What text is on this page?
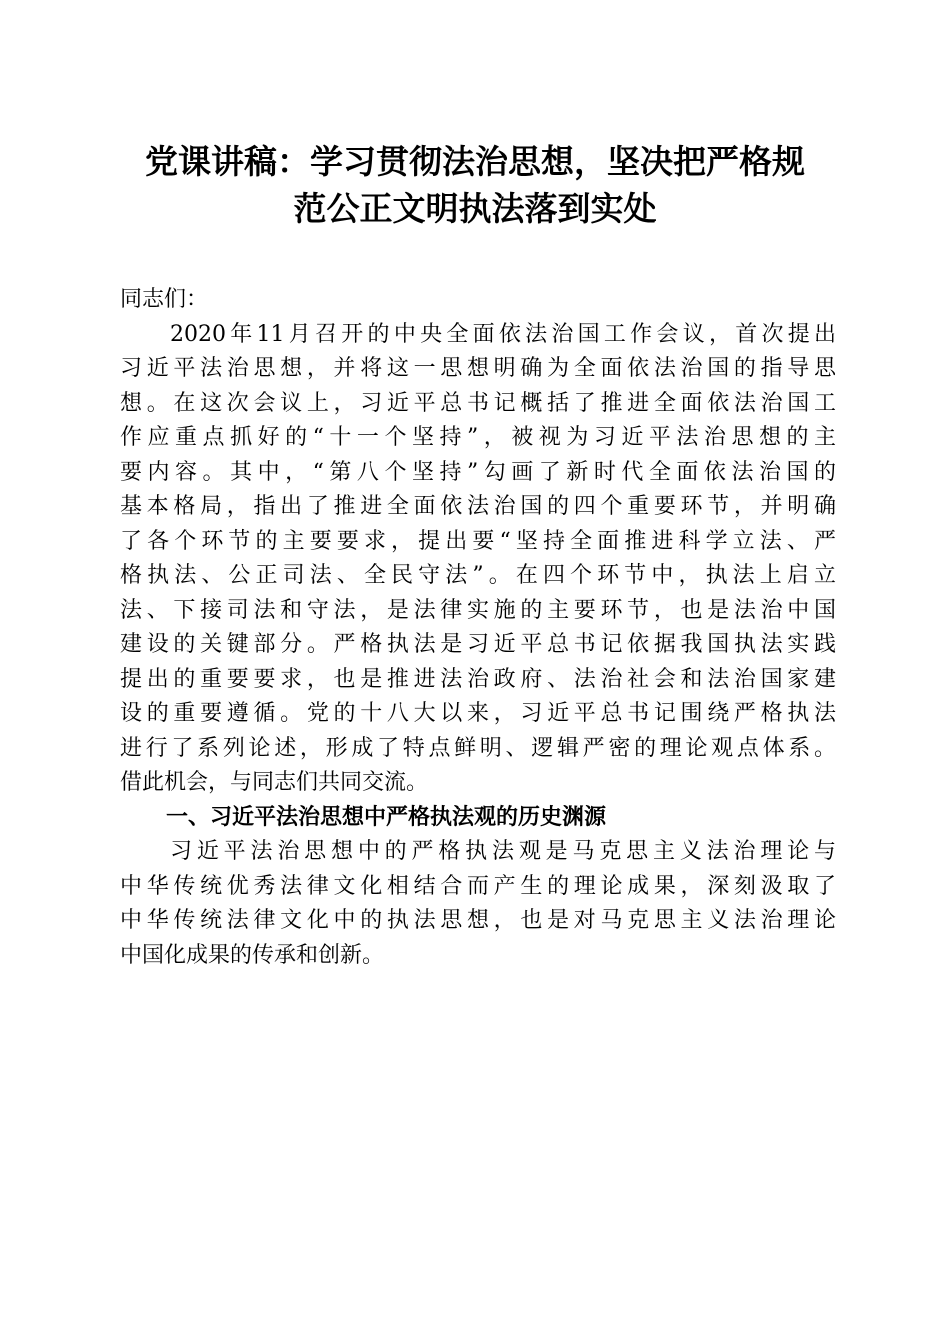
党课讲稿：学习贯彻法治思想，坚决把严格规
范公正文明执法落到实处
同志们：
2020年11月召开的中央全面依法治国工作会议，首次提出
习近平法治思想，并将这一思想明确为全面依法治国的指导思
想。在这次会议上，习近平总书记概括了推进全面依法治国工
作应重点抓好的“十一个坚持”，被视为习近平法治思想的主
要内容。其中，“第八个坚持”勾画了新时代全面依法治国的
基本格局，指出了推进全面依法治国的四个重要环节，并明确
了各个环节的主要要求，提出要“坚持全面推进科学立法、严
格执法、公正司法、全民守法”。在四个环节中，执法上启立
法、下接司法和守法，是法律实施的主要环节，也是法治中国
建设的关键部分。严格执法是习近平总书记依据我国执法实践
提出的重要要求，也是推进法治政府、法治社会和法治国家建
设的重要遵循。党的十八大以来，习近平总书记围绕严格执法
进行了系列论述，形成了特点鲜明、逻辑严密的理论观点体系。
借此机会，与同志们共同交流。
一、习近平法治思想中严格执法观的历史渊源
习近平法治思想中的严格执法观是马克思主义法治理论与
中华传统优秀法律文化相结合而产生的理论成果，深刻汲取了
中华传统法律文化中的执法思想，也是对马克思主义法治理论
中国化成果的传承和创新。
